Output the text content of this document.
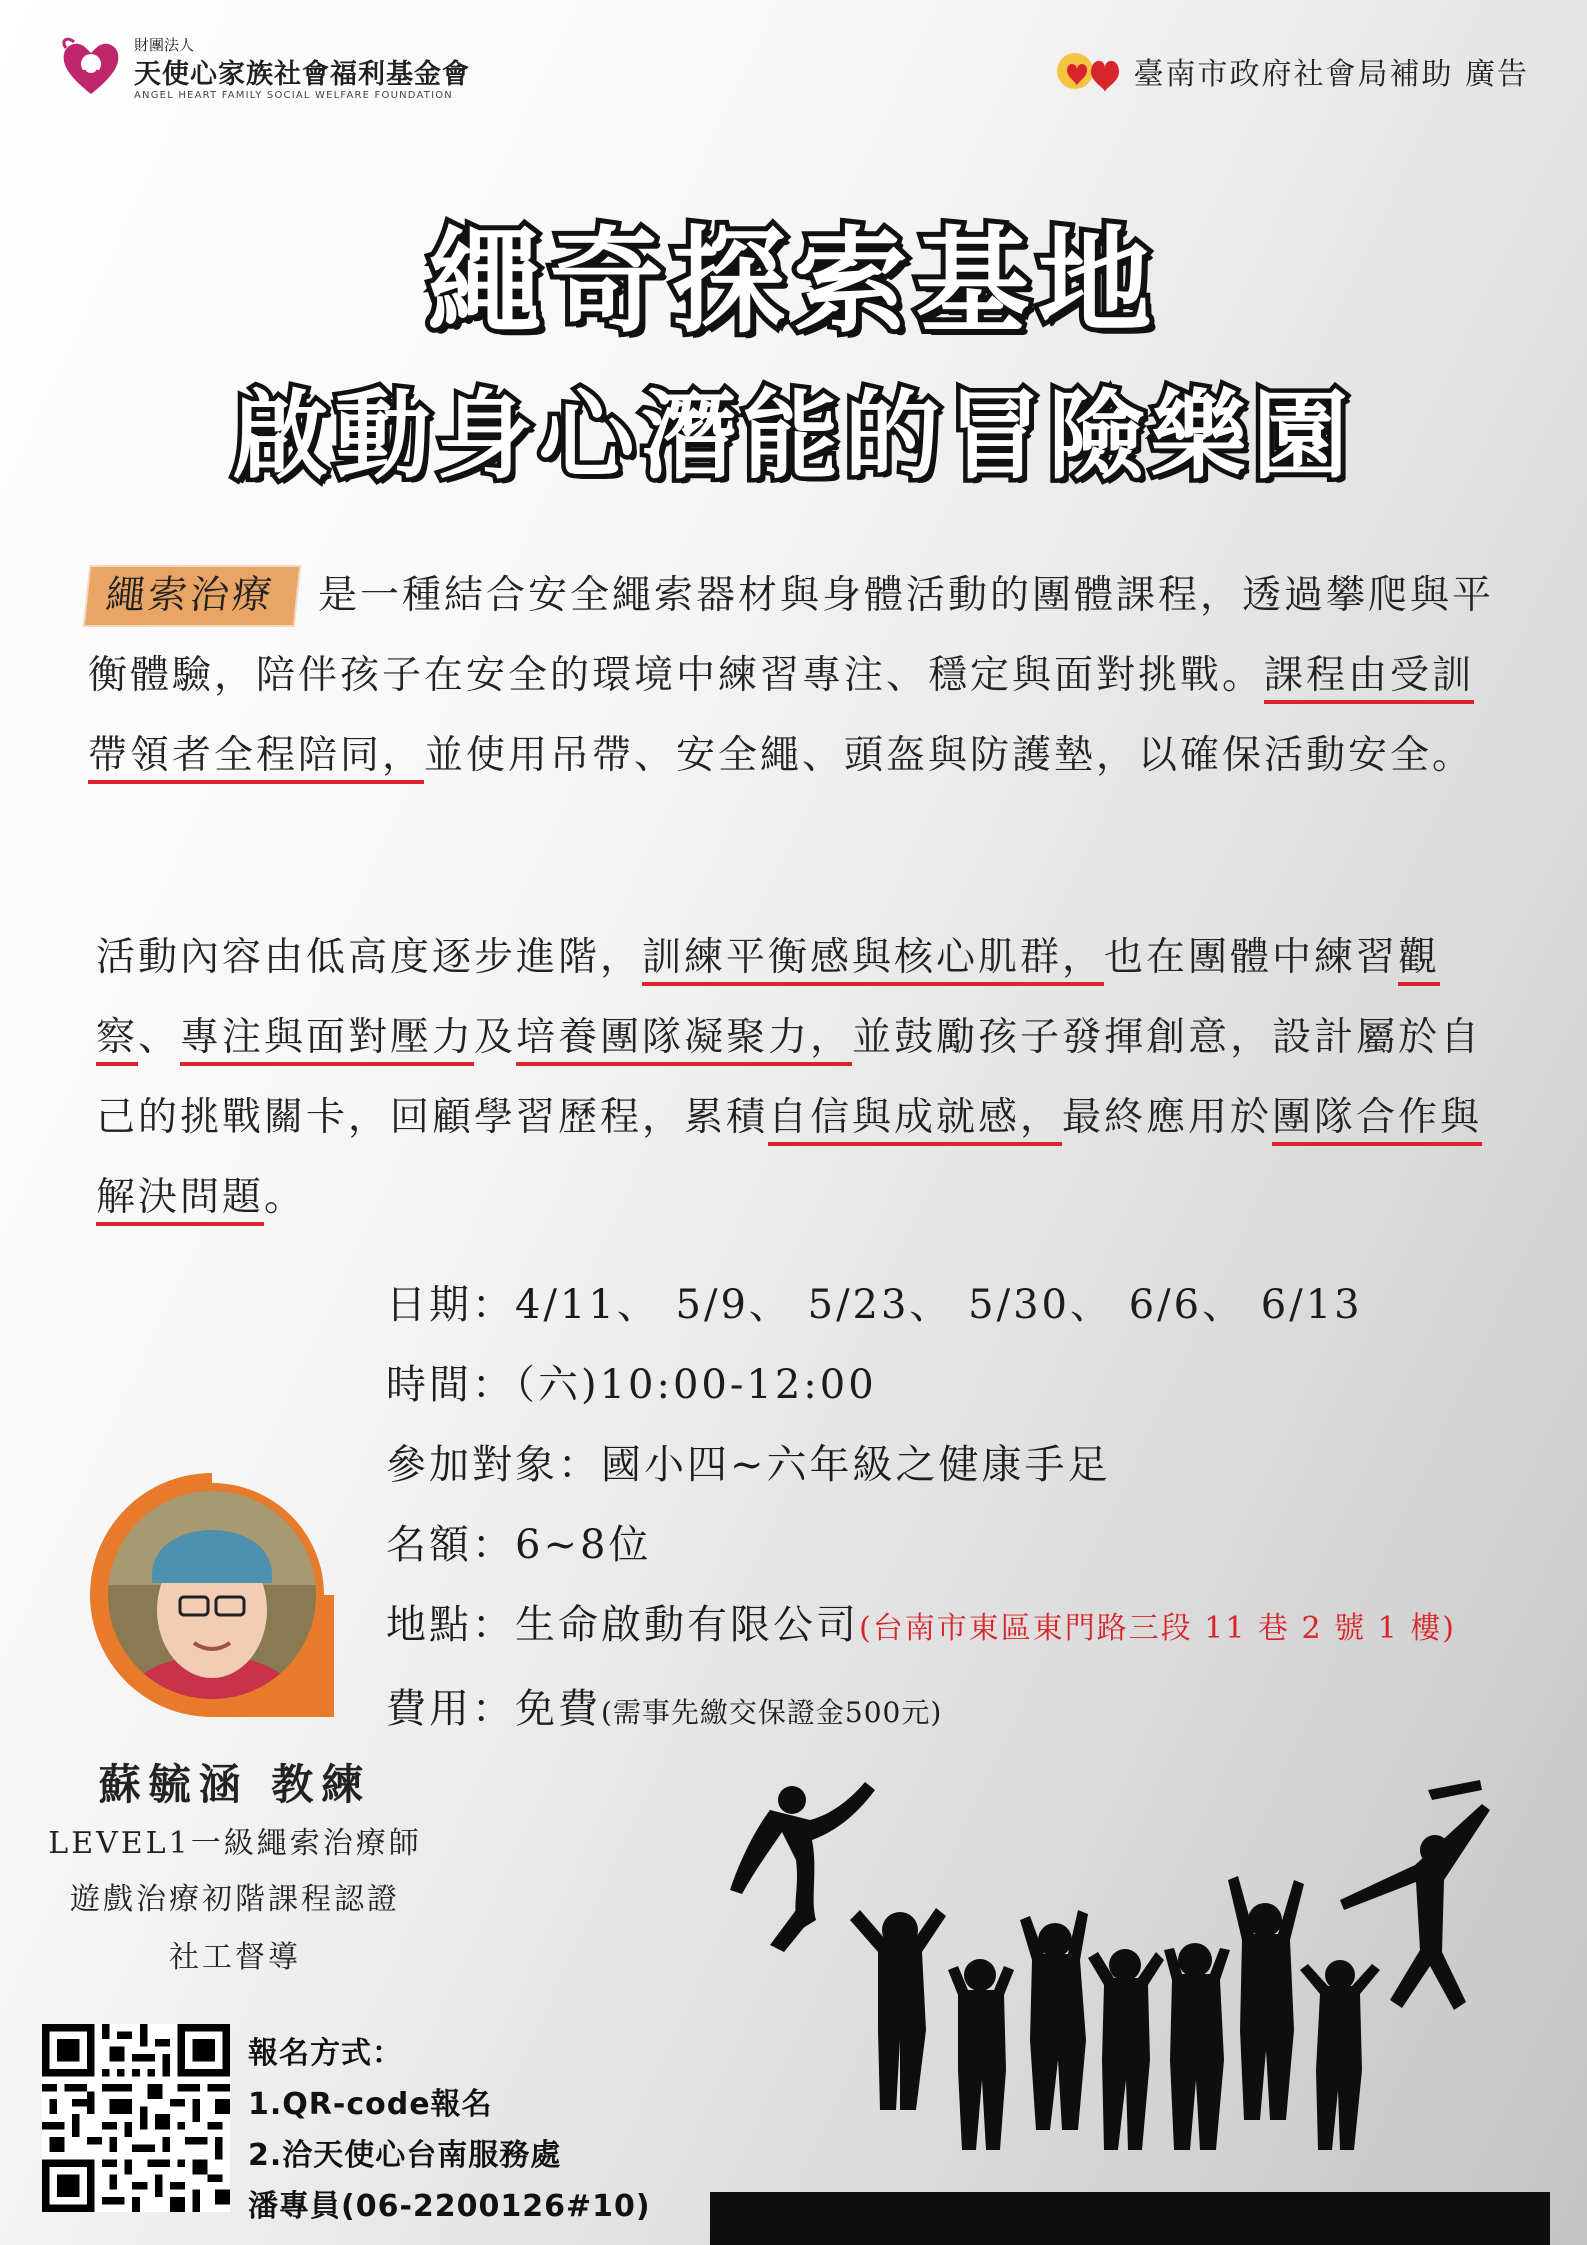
財團法人
天使心家族社會福利基金會
ANGEL HEART FAMILY SOCIAL WELFARE FOUNDATION
臺南市政府社會局補助 廣告
繩奇探索基地
啟動身心潛能的冒險樂園
繩索治療 是一種結合安全繩索器材與身體活動的團體課程，透過攀爬與平衡體驗，陪伴孩子在安全的環境中練習專注、穩定與面對挑戰。課程由受訓帶領者全程陪同，並使用吊帶、安全繩、頭盔與防護墊，以確保活動安全。
活動內容由低高度逐步進階，訓練平衡感與核心肌群，也在團體中練習觀察、專注與面對壓力及培養團隊凝聚力，並鼓勵孩子發揮創意，設計屬於自己的挑戰關卡，回顧學習歷程，累積自信與成就感，最終應用於團隊合作與解決問題。
日期：4/11、 5/9、 5/23、 5/30、 6/6、 6/13
時間：（六)10:00-12:00
參加對象：國小四~六年級之健康手足
名額：6~8位
地點：生命啟動有限公司(台南市東區東門路三段 11 巷 2 號 1 樓)
費用：免費(需事先繳交保證金500元)
蘇毓涵 教練
LEVEL1一級繩索治療師
遊戲治療初階課程認證
社工督導
報名方式：
1.QR-code報名
2.洽天使心台南服務處
潘專員(06-2200126#10)
